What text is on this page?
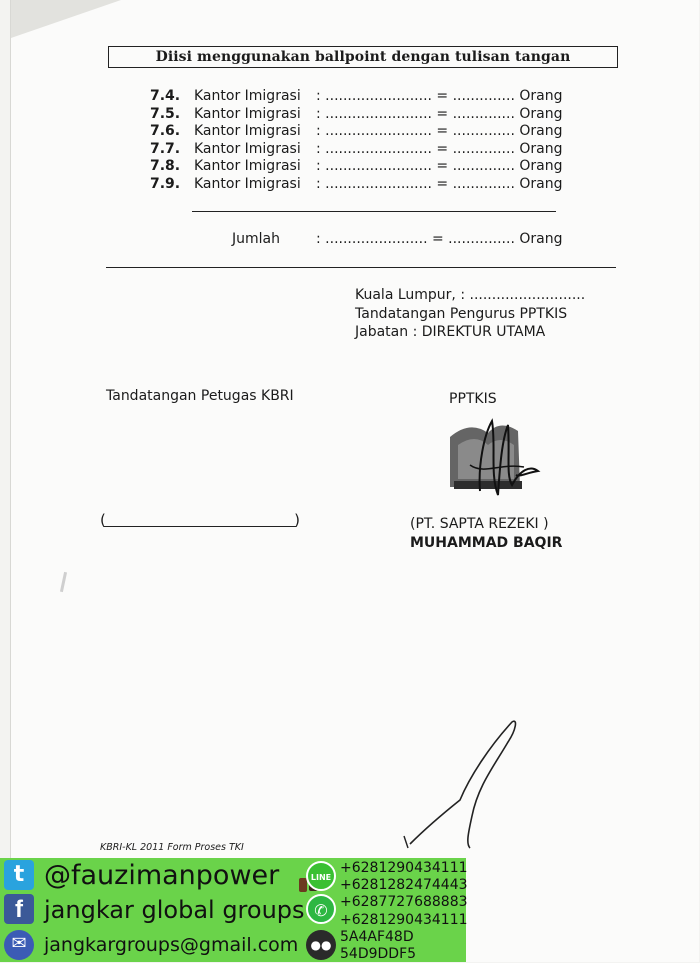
Diisi menggunakan ballpoint dengan tulisan tangan
7.4. Kantor Imigrasi : ........................ = .............. Orang
7.5. Kantor Imigrasi : ........................ = .............. Orang
7.6. Kantor Imigrasi : ........................ = .............. Orang
7.7. Kantor Imigrasi : ........................ = .............. Orang
7.8. Kantor Imigrasi : ........................ = .............. Orang
7.9. Kantor Imigrasi : ........................ = .............. Orang
Jumlah	: ....................... = ............... Orang
Kuala Lumpur, : ..........................
Tandatangan Pengurus PPTKIS
Jabatan : DIREKTUR UTAMA
Tandatangan Petugas KBRI	PPTKIS
(	)	(PT. SAPTA REZEKI )
MUHAMMAD BAQIR
KBRI-KL 2011 Form Proses TKI
t @fauzimanpower
f jangkar global groups
✉ jangkargroups@gmail.com
LINE
+6281290434111
+6281282474443
✆ +6287727688883
+6281290434111
●● 5A4AF48D
54D9DDF5
